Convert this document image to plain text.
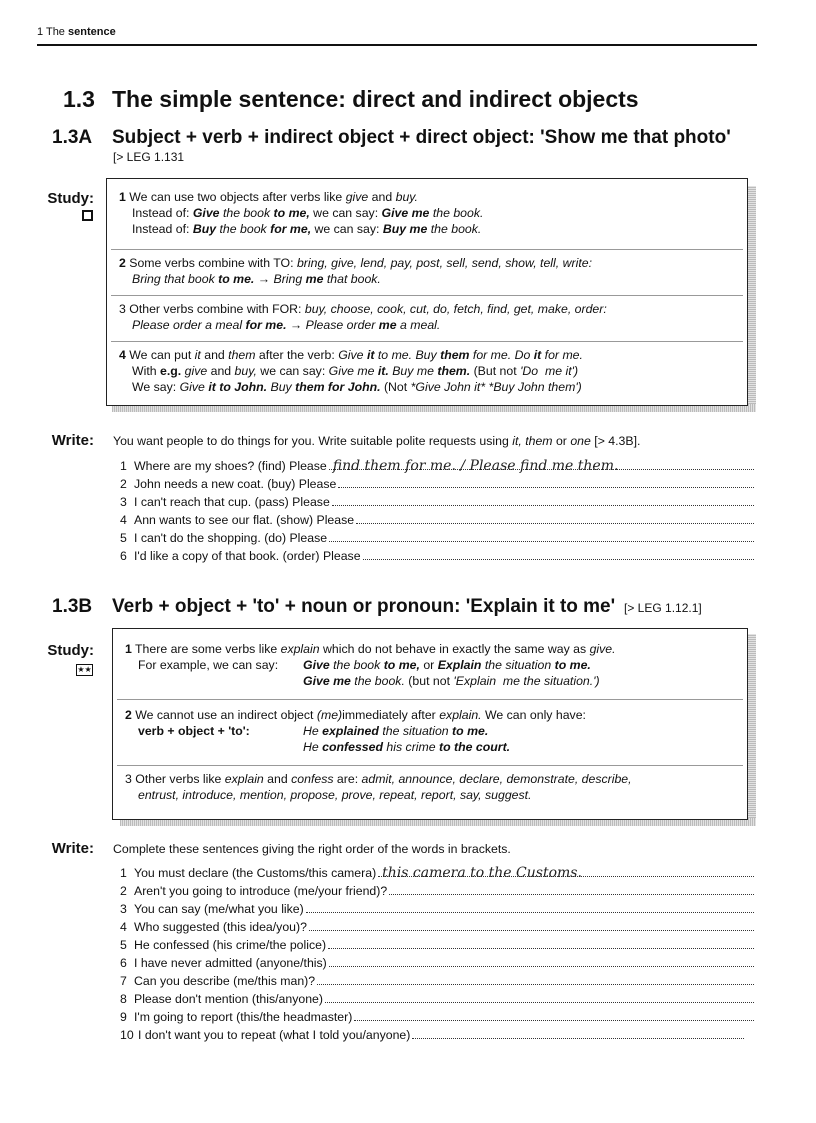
1 The sentence
1.3 The simple sentence: direct and indirect objects
1.3A Subject + verb + indirect object + direct object: 'Show me that photo'
[> LEG 1.131
Study: 1 We can use two objects after verbs like give and buy.
Instead of: Give the book to me, we can say: Give me the book.
Instead of: Buy the book for me, we can say: Buy me the book.
2 Some verbs combine with TO: bring, give, lend, pay, post, sell, send, show, tell, write:
Bring that book to me. → Bring me that book.
3 Other verbs combine with FOR: buy, choose, cook, cut, do, fetch, find, get, make, order:
Please order a meal for me. → Please order me a meal.
4 We can put it and them after the verb: Give it to me. Buy them for me. Do it for me.
With e.g. give and buy, we can say: Give me it. Buy me them. (But not 'Do  me it')
We say: Give it to John. Buy them for John. (Not *Give John it* *Buy John them')
Write: You want people to do things for you. Write suitable polite requests using it, them or one [> 4.3B].
1 Where are my shoes? (find) Please find them for me. / Please find me them.
2 John needs a new coat. (buy) Please
3 I can't reach that cup. (pass) Please
4 Ann wants to see our flat. (show) Please
5 I can't do the shopping. (do) Please
6 I'd like a copy of that book. (order) Please
1.3B Verb + object + 'to' + noun or pronoun: 'Explain it to me' [> LEG 1.12.1]
Study:
★★
1 There are some verbs like explain which do not behave in exactly the same way as give.
For example, we can say: Give the book to me, or Explain the situation to me.
Give me the book. (but not 'Explain  me the situation.')
2 We cannot use an indirect object (me)immediately after explain. We can only have:
verb + object + 'to':	He explained the situation to me.
He confessed his crime to the court.
3 Other verbs like explain and confess are: admit, announce, declare, demonstrate, describe,
entrust, introduce, mention, propose, prove, repeat, report, say, suggest.
Write: Complete these sentences giving the right order of the words in brackets.
1 You must declare (the Customs/this camera) this camera to the Customs.
2 Aren't you going to introduce (me/your friend)?
3 You can say (me/what you like)
4 Who suggested (this idea/you)?
5 He confessed (his crime/the police)
6 I have never admitted (anyone/this)
7 Can you describe (me/this man)?
8 Please don't mention (this/anyone)
9 I'm going to report (this/the headmaster)
10 I don't want you to repeat (what I told you/anyone)
